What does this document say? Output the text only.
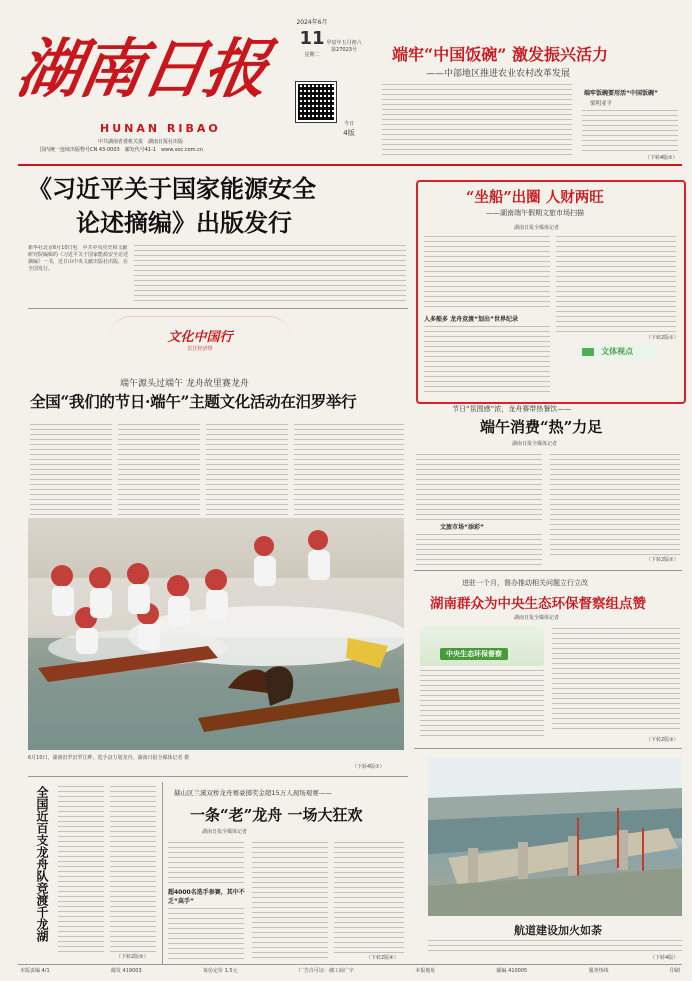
湖南日报
HUNAN RIBAO
中共湖南省委机关报　湖南日报社出版
国内统一连续出版物号CN 43-0003　邮发代号41-1　www.voc.com.cn
2024年6月
11
星期二
甲辰年五月初六
第27023号
今日
4版
端牢“中国饭碗” 激发振兴活力
——中部地区推进农业农村改革发展
端牢饭碗要用活“中国饭碗”
梁明亚平
（下转4版②）
《习近平关于国家能源安全
论述摘编》出版发行
新华社北京6月10日电　中共中央党史和文献研究院编辑的《习近平关于国家能源安全论述摘编》一书，近日由中央文献出版社出版，在全国发行。
文化中国行
长江经济带
端午源头过端午 龙舟故里赛龙舟
全国“我们的节日·端午”主题文化活动在汨罗举行
6月10日，湖南汨罗汨罗江畔，选手奋力划龙舟。湖南日报全媒体记者 摄
（下转4版①）
“坐船”出圈 人财两旺
——湖南端午假期文旅市场扫描
湖南日报全媒体记者
人多船多 龙舟竞渡“划出”世界纪录
（下转2版①）
$^{文体视点}$
节日“氛围感”浓，龙舟赛带热餐饮——
端午消费“热”力足
湖南日报全媒体记者
文旅市场“添彩”
（下转2版②）
进驻一个月，督办推动相关问题立行立改
湖南群众为中央生态环保督察组点赞
湖南日报全媒体记者
中央生态环保督察
（下转2版③）
全国近百支龙舟队竞渡千龙湖
（下转2版⑤）
赫山区兰溪双桥龙舟赛豪掷奖金超15万人现场观赛——
一条“老”龙舟 一场大狂欢
湖南日报全媒体记者
超4000名选手参赛，其中不乏“高手”
（下转2版④）
航道建设加火如荼
（下转4版）
本版责编 4/1	邮发 419003	每份定价 1.5元	广告许可证：湘工商广字	本报地址	邮编 410005	服务热线	印刷
